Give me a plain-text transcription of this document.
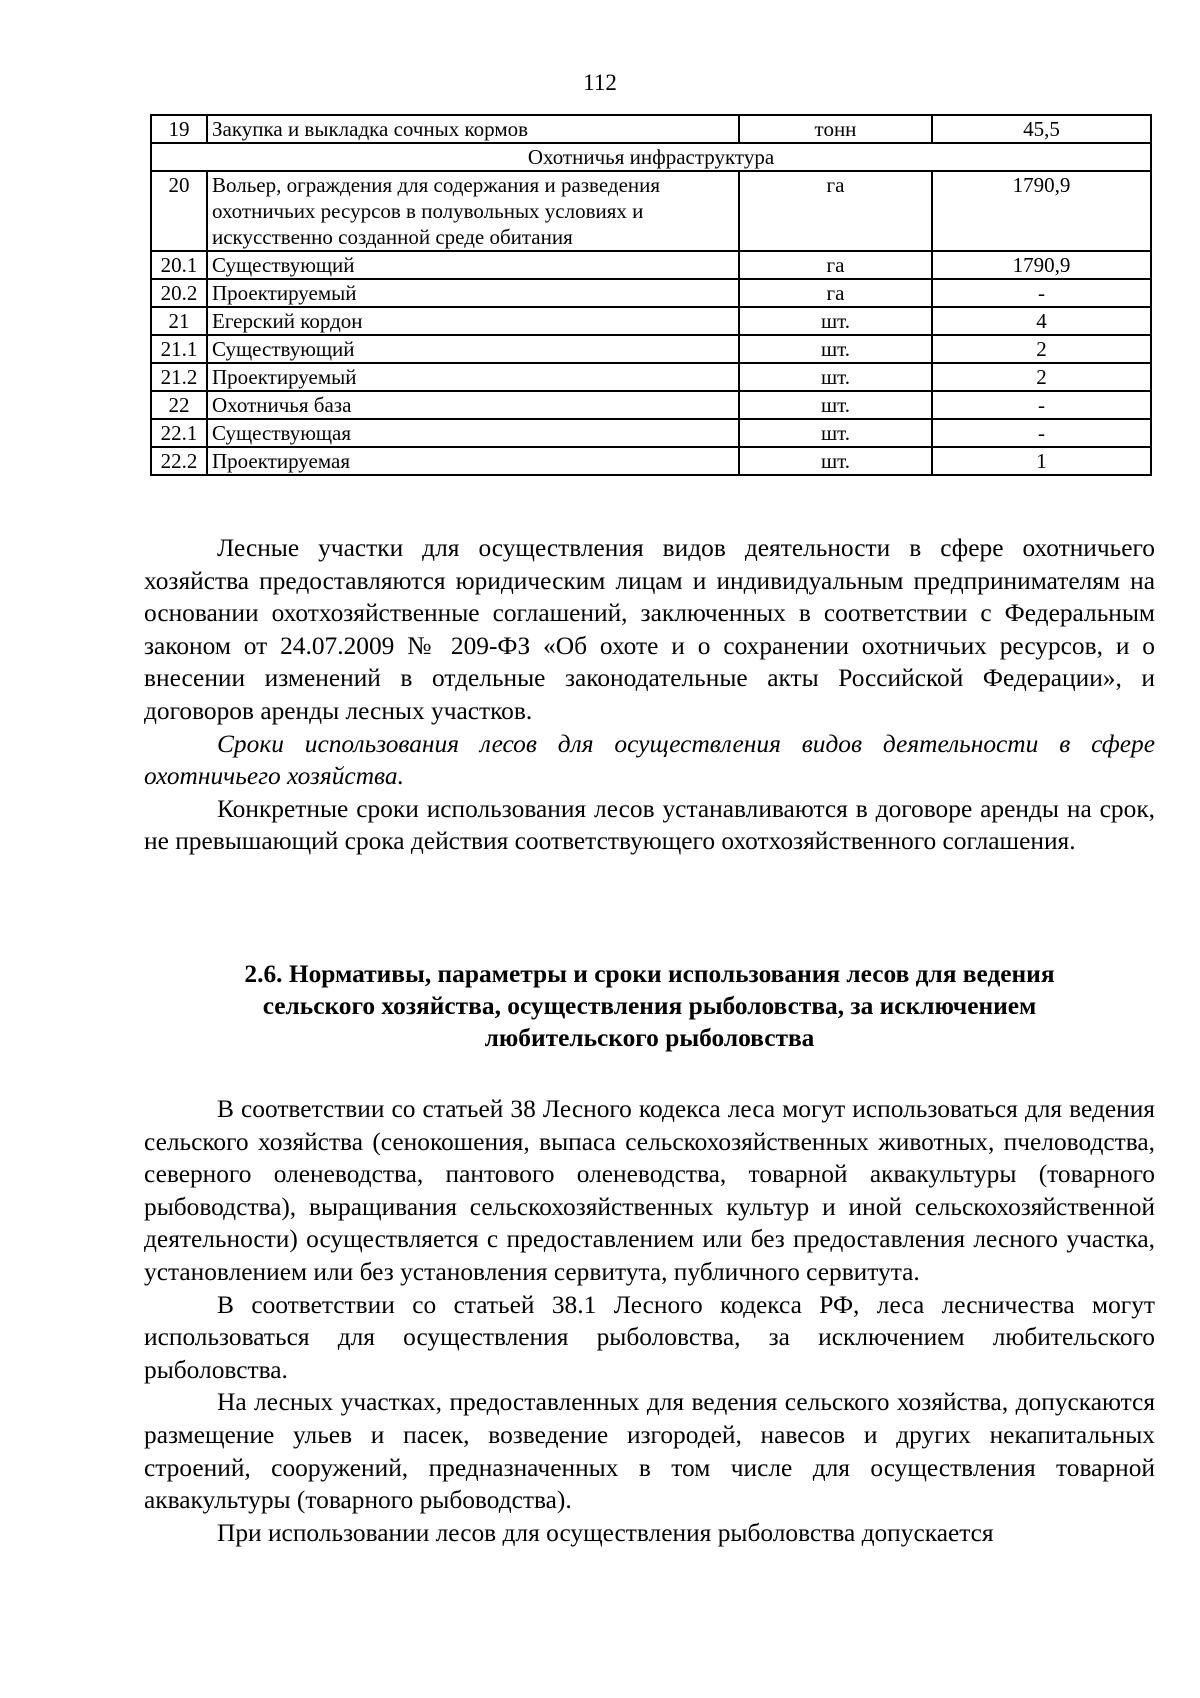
112
19	Закупка и выкладка сочных кормов	тонн	45,5
Охотничья инфраструктура			
20	Вольер, ограждения для содержания и разведения охотничьих ресурсов в полувольных условиях и искусственно созданной среде обитания	га	1790,9
20.1	Существующий	га	1790,9
20.2	Проектируемый	га	-
21	Егерский кордон	шт.	4
21.1	Существующий	шт.	2
21.2	Проектируемый	шт.	2
22	Охотничья база	шт.	-
22.1	Существующая	шт.	-
22.2	Проектируемая	шт.	1

Лесные участки для осуществления видов деятельности в сфере охотничьего хозяйства предоставляются юридическим лицам и индивидуальным предпринимателям на основании охотхозяйственные соглашений, заключенных в соответствии с Федеральным законом от 24.07.2009 № 209-ФЗ «Об охоте и о сохранении охотничьих ресурсов, и о внесении изменений в отдельные законодательные акты Российской Федерации», и договоров аренды лесных участков.

Сроки использования лесов для осуществления видов деятельности в сфере охотничьего хозяйства.

Конкретные сроки использования лесов устанавливаются в договоре аренды на срок, не превышающий срока действия соответствующего охотхозяйственного соглашения.

2.6. Нормативы, параметры и сроки использования лесов для ведения
сельского хозяйства, осуществления рыболовства, за исключением
любительского рыболовства

В соответствии со статьей 38 Лесного кодекса леса могут использоваться для ведения сельского хозяйства (сенокошения, выпаса сельскохозяйственных животных, пчеловодства, северного оленеводства, пантового оленеводства, товарной аквакультуры (товарного рыбоводства), выращивания сельскохозяйственных культур и иной сельскохозяйственной деятельности) осуществляется с предоставлением или без предоставления лесного участка, установлением или без установления сервитута, публичного сервитута.

В соответствии со статьей 38.1 Лесного кодекса РФ, леса лесничества могут использоваться для осуществления рыболовства, за исключением любительского рыболовства.

На лесных участках, предоставленных для ведения сельского хозяйства, допускаются размещение ульев и пасек, возведение изгородей, навесов и других некапитальных строений, сооружений, предназначенных в том числе для осуществления товарной аквакультуры (товарного рыбоводства).

При использовании лесов для осуществления рыболовства допускается
